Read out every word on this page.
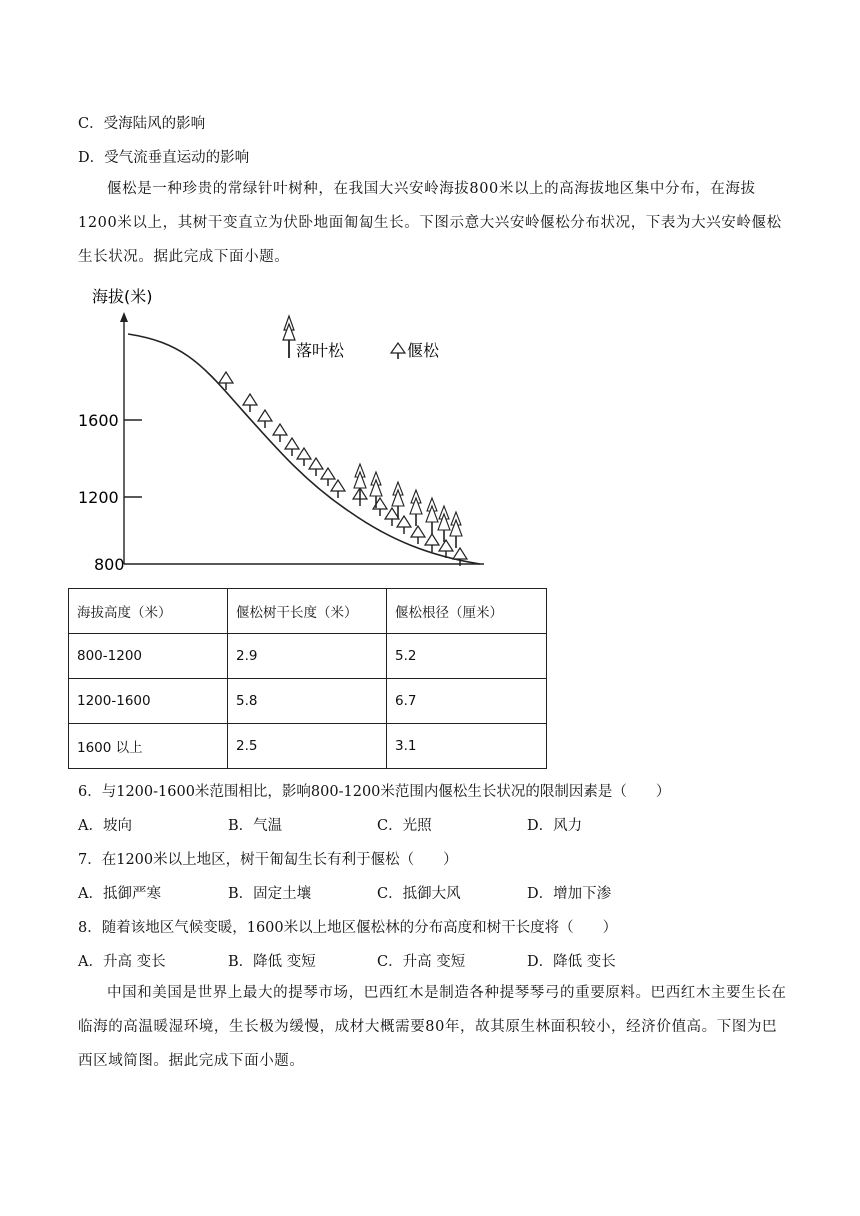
C．受海陆风的影响
D．受气流垂直运动的影响
偃松是一种珍贵的常绿针叶树种，在我国大兴安岭海拔800米以上的高海拔地区集中分布，在海拔1200米以上，其树干变直立为伏卧地面匍匐生长。下图示意大兴安岭偃松分布状况，下表为大兴安岭偃松生长状况。据此完成下面小题。
海拔(米)
1600
1200
800
落叶松	偃松
海拔高度（米）	偃松树干长度（米）	偃松根径（厘米）
800-1200	2.9	5.2
1200-1600	5.8	6.7
1600 以上	2.5	3.1
6．与1200-1600米范围相比，影响800-1200米范围内偃松生长状况的限制因素是（　　）
A．坡向	B．气温	C．光照	D．风力
7．在1200米以上地区，树干匍匐生长有利于偃松（　　）
A．抵御严寒	B．固定土壤	C．抵御大风	D．增加下渗
8．随着该地区气候变暖，1600米以上地区偃松林的分布高度和树干长度将（　　）
A．升高 变长	B．降低 变短	C．升高 变短	D．降低 变长
中国和美国是世界上最大的提琴市场，巴西红木是制造各种提琴琴弓的重要原料。巴西红木主要生长在临海的高温暖湿环境，生长极为缓慢，成材大概需要80年，故其原生林面积较小，经济价值高。下图为巴西区域简图。据此完成下面小题。
